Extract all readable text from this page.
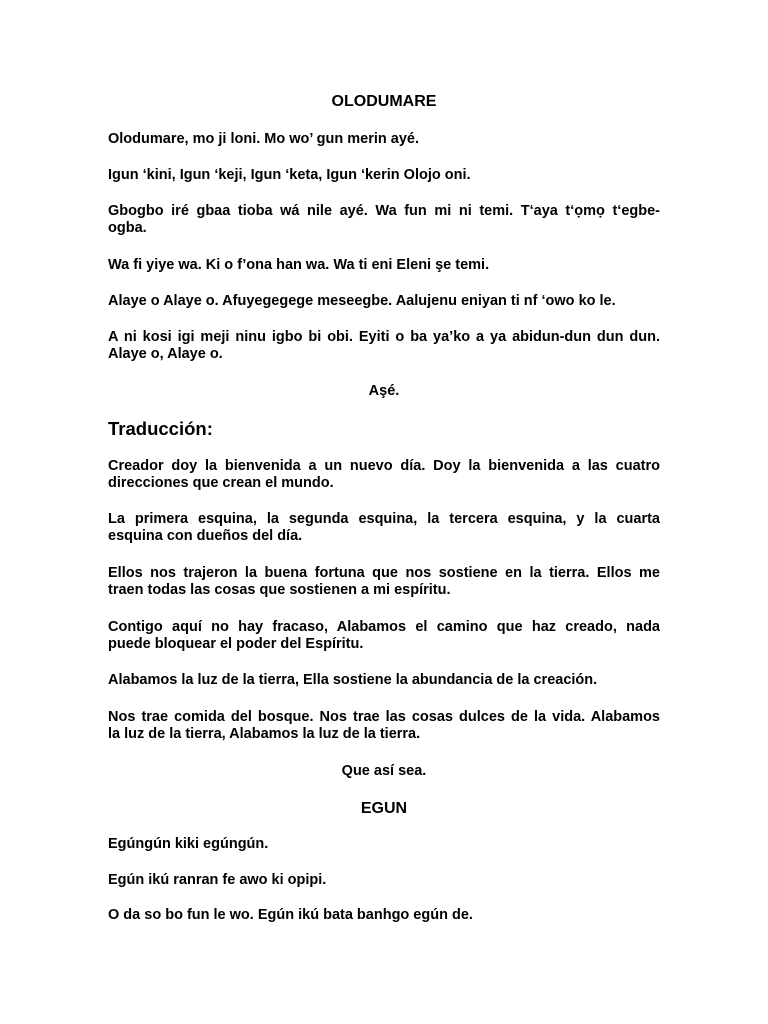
OLODUMARE
Olodumare, mo ji loni. Mo wo’ gun merin ayé.
Igun ‘kini, Igun ‘keji, Igun ‘keta, Igun ‘kerin Olojo oni.
Gbogbo iré gbaa tioba wá nile ayé. Wa fun mi ni temi. T‘aya t‘ọmọ t‘egbe-
ogba.
Wa fi yiye wa. Ki o f’ona han wa. Wa ti eni Eleni şe temi.
Alaye o Alaye o. Afuyegegege meseegbe. Aalujenu eniyan ti nf ‘owo ko le.
A ni kosi igi meji ninu igbo bi obi. Eyiti o ba ya’ko a ya abidun-dun dun dun.
Alaye o, Alaye o.
Aşé.
Traducción:
Creador doy la bienvenida a un nuevo día. Doy la bienvenida a las cuatro
direcciones que crean el mundo.
La primera esquina, la segunda esquina, la tercera esquina, y la cuarta
esquina con dueños del día.
Ellos nos trajeron la buena fortuna que nos sostiene en la tierra. Ellos me
traen todas las cosas que sostienen a mi espíritu.
Contigo aquí no hay fracaso, Alabamos el camino que haz creado, nada
puede bloquear el poder del Espíritu.
Alabamos la luz de la tierra, Ella sostiene la abundancia de la creación.
Nos trae comida del bosque. Nos trae las cosas dulces de la vida. Alabamos
la luz de la tierra, Alabamos la luz de la tierra.
Que así sea.
EGUN
Egúngún kiki egúngún.
Egún ikú ranran fe awo ki opipi.
O da so bo fun le wo. Egún ikú bata banhgo egún de.
